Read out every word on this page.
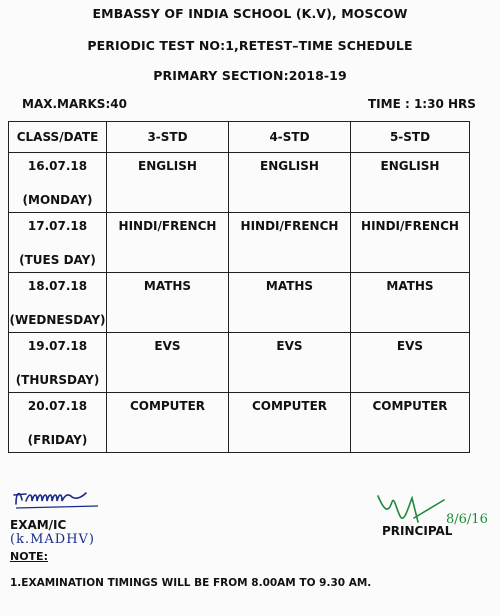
EMBASSY OF INDIA SCHOOL (K.V), MOSCOW
PERIODIC TEST NO:1,RETEST–TIME SCHEDULE
PRIMARY SECTION:2018-19
MAX.MARKS:40	TIME : 1:30 HRS
CLASS/DATE	3-STD	4-STD	5-STD

16.07.18
(MONDAY)	ENGLISH	ENGLISH	ENGLISH

17.07.18
(TUES DAY)	HINDI/FRENCH	HINDI/FRENCH	HINDI/FRENCH

18.07.18
(WEDNESDAY)	MATHS	MATHS	MATHS

19.07.18
(THURSDAY)	EVS	EVS	EVS

20.07.18
(FRIDAY)	COMPUTER	COMPUTER	COMPUTER
EXAM/IC
(k.MADHV)
NOTE:
PRINCIPAL
8/6/16
1.EXAMINATION TIMINGS WILL BE FROM 8.00AM TO 9.30 AM.
